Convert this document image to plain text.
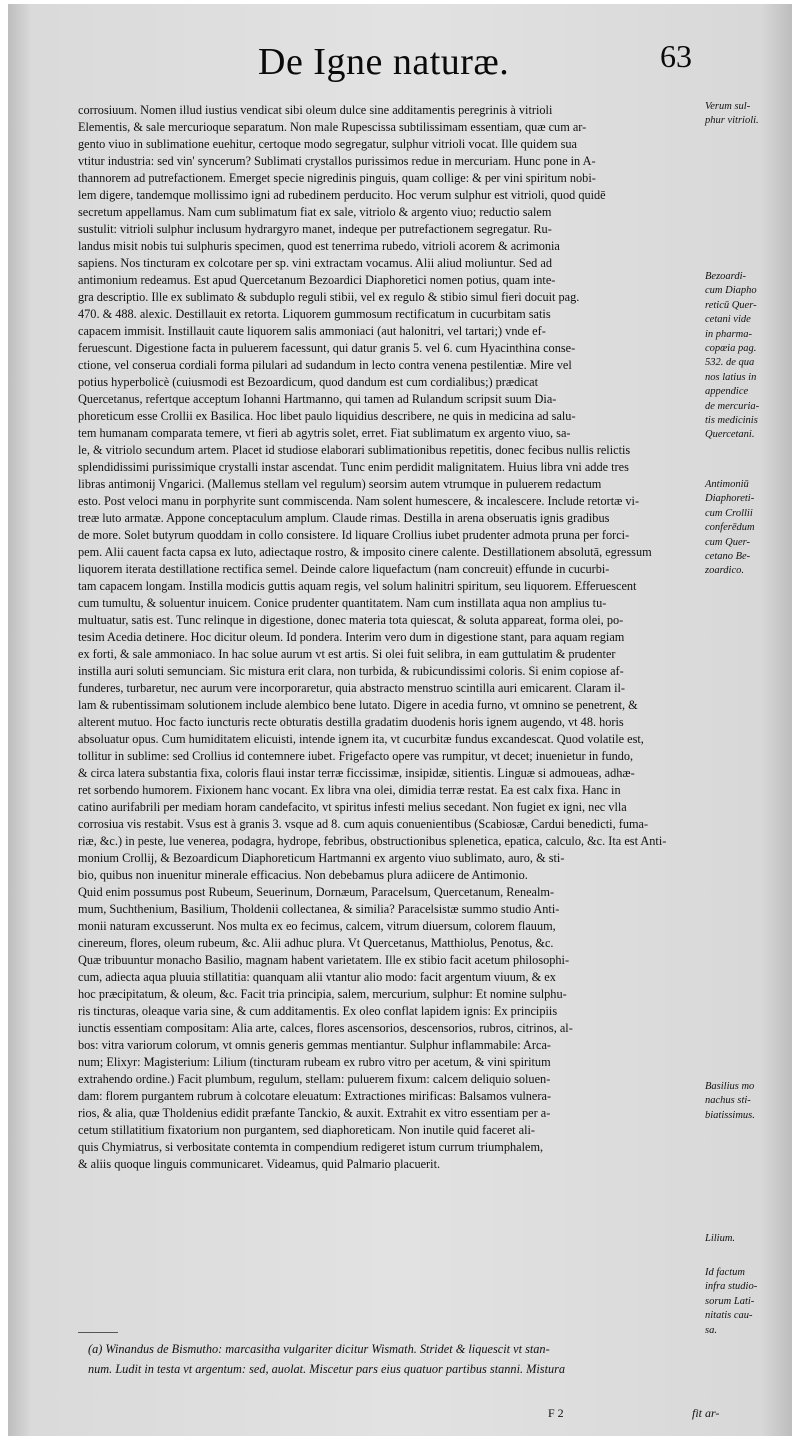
De Igne naturæ.	63
corrosiuum. Nomen illud iustius vendicat sibi oleum dulce sine additamentis peregrinis à vitrioli
Elementis, & sale mercurioque separatum. Non male Rupescissa subtilissimam essentiam, quæ cum ar-
gento viuo in sublimatione euehitur, certoque modo segregatur, sulphur vitrioli vocat. Ille quidem sua
vtitur industria: sed vin' syncerum? Sublimati crystallos purissimos redue in mercuriam. Hunc pone in A-
thannorem ad putrefactionem. Emerget specie nigredinis pinguis, quam collige: & per vini spiritum nobi-
lem digere, tandemque mollissimo igni ad rubedinem perducito. Hoc verum sulphur est vitrioli, quod quidē
secretum appellamus. Nam cum sublimatum fiat ex sale, vitriolo & argento viuo; reductio salem
sustulit: vitrioli sulphur inclusum hydrargyro manet, indeque per putrefactionem segregatur. Ru-
landus misit nobis tui sulphuris specimen, quod est tenerrima rubedo, vitrioli acorem & acrimonia
sapiens. Nos tincturam ex colcotare per sp. vini extractam vocamus. Alii aliud moliuntur. Sed ad
antimonium redeamus. Est apud Quercetanum Bezoardici Diaphoretici nomen potius, quam inte-
gra descriptio. Ille ex sublimato & subduplo reguli stibii, vel ex regulo & stibio simul fieri docuit pag.
470. & 488. alexic. Destillauit ex retorta. Liquorem gummosum rectificatum in cucurbitam satis
capacem immisit. Instillauit caute liquorem salis ammoniaci (aut halonitri, vel tartari;) vnde ef-
feruescunt. Digestione facta in puluerem facessunt, qui datur granis 5. vel 6. cum Hyacinthina conse-
ctione, vel conserua cordiali forma pilulari ad sudandum in lecto contra venena pestilentiæ. Mire vel
potius hyperbolicè (cuiusmodi est Bezoardicum, quod dandum est cum cordialibus;) prædicat
Quercetanus, refertque acceptum Iohanni Hartmanno, qui tamen ad Rulandum scripsit suum Dia-
phoreticum esse Crollii ex Basilica. Hoc libet paulo liquidius describere, ne quis in medicina ad salu-
tem humanam comparata temere, vt fieri ab agytris solet, erret. Fiat sublimatum ex argento viuo, sa-
le, & vitriolo secundum artem. Placet id studiose elaborari sublimationibus repetitis, donec fecibus nullis relictis
splendidissimi purissimique crystalli instar ascendat. Tunc enim perdidit malignitatem. Huius libra vni adde tres
libras antimonij Vngarici. (Mallemus stellam vel regulum) seorsim autem vtrumque in puluerem redactum
esto. Post veloci manu in porphyrite sunt commiscenda. Nam solent humescere, & incalescere. Include retortæ vi-
treæ luto armatæ. Appone conceptaculum amplum. Claude rimas. Destilla in arena obseruatis ignis gradibus
de more. Solet butyrum quoddam in collo consistere. Id liquare Crollius iubet prudenter admota pruna per forci-
pem. Alii cauent facta capsa ex luto, adiectaque rostro, & imposito cinere calente. Destillationem absolutā, egressum
liquorem iterata destillatione rectifica semel. Deinde calore liquefactum (nam concreuit) effunde in cucurbi-
tam capacem longam. Instilla modicis guttis aquam regis, vel solum halinitri spiritum, seu liquorem. Efferuescent
cum tumultu, & soluentur inuicem. Conice prudenter quantitatem. Nam cum instillata aqua non amplius tu-
multuatur, satis est. Tunc relinque in digestione, donec materia tota quiescat, & soluta appareat, forma olei, po-
tesim Acedia detinere. Hoc dicitur oleum. Id pondera. Interim vero dum in digestione stant, para aquam regiam
ex forti, & sale ammoniaco. In hac solue aurum vt est artis. Si olei fuit selibra, in eam guttulatim & prudenter
instilla auri soluti semunciam. Sic mistura erit clara, non turbida, & rubicundissimi coloris. Si enim copiose af-
funderes, turbaretur, nec aurum vere incorporaretur, quia abstracto menstruo scintilla auri emicarent. Claram il-
lam & rubentissimam solutionem include alembico bene lutato. Digere in acedia furno, vt omnino se penetrent, &
alterent mutuo. Hoc facto iuncturis recte obturatis destilla gradatim duodenis horis ignem augendo, vt 48. horis
absoluatur opus. Cum humiditatem elicuisti, intende ignem ita, vt cucurbitæ fundus excandescat. Quod volatile est,
tollitur in sublime: sed Crollius id contemnere iubet. Frigefacto opere vas rumpitur, vt decet; inuenietur in fundo,
& circa latera substantia fixa, coloris flaui instar terræ ficcissimæ, insipidæ, sitientis. Linguæ si admoueas, adhæ-
ret sorbendo humorem. Fixionem hanc vocant. Ex libra vna olei, dimidia terræ restat. Ea est calx fixa. Hanc in
catino aurifabrili per mediam horam candefacito, vt spiritus infesti melius secedant. Non fugiet ex igni, nec vlla
corrosiua vis restabit. Vsus est à granis 3. vsque ad 8. cum aquis conuenientibus (Scabiosæ, Cardui benedicti, fuma-
riæ, &c.) in peste, lue venerea, podagra, hydrope, febribus, obstructionibus splenetica, epatica, calculo, &c. Ita est Anti-
monium Crollij, & Bezoardicum Diaphoreticum Hartmanni ex argento viuo sublimato, auro, & sti-
bio, quibus non inuenitur minerale efficacius. Non debebamus plura adiicere de Antimonio.
Quid enim possumus post Rubeum, Seuerinum, Dornæum, Paracelsum, Quercetanum, Renealm-
mum, Suchthenium, Basilium, Tholdenii collectanea, & similia? Paracelsistæ summo studio Anti-
monii naturam excusserunt. Nos multa ex eo fecimus, calcem, vitrum diuersum, colorem flauum,
cinereum, flores, oleum rubeum, &c. Alii adhuc plura. Vt Quercetanus, Matthiolus, Penotus, &c.
Quæ tribuuntur monacho Basilio, magnam habent varietatem. Ille ex stibio facit acetum philosophi-
cum, adiecta aqua pluuia stillatitia: quanquam alii vtantur alio modo: facit argentum viuum, & ex
hoc præcipitatum, & oleum, &c. Facit tria principia, salem, mercurium, sulphur: Et nomine sulphu-
ris tincturas, oleaque varia sine, & cum additamentis. Ex oleo conflat lapidem ignis: Ex principiis
iunctis essentiam compositam: Alia arte, calces, flores ascensorios, descensorios, rubros, citrinos, al-
bos: vitra variorum colorum, vt omnis generis gemmas mentiantur. Sulphur inflammabile: Arca-
num; Elixyr: Magisterium: Lilium (tincturam rubeam ex rubro vitro per acetum, & vini spiritum
extrahendo ordine.) Facit plumbum, regulum, stellam: puluerem fixum: calcem deliquio soluen-
dam: florem purgantem rubrum à colcotare eleuatum: Extractiones mirificas: Balsamos vulnera-
rios, & alia, quæ Tholdenius edidit præfante Tanckio, & auxit. Extrahit ex vitro essentiam per a-
cetum stillatitium fixatorium non purgantem, sed diaphoreticam. Non inutile quid faceret ali-
quis Chymiatrus, si verbositate contemta in compendium redigeret istum currum triumphalem,
& aliis quoque linguis communicaret. Videamus, quid Palmario placuerit.
Verum sul-
phur vitrioli.
Bezoardi-
cum Diapho
reticū Quer-
cetani vide
in pharma-
copœia pag.
532. de qua
nos latius in
appendice
de mercuria-
tis medicinis
Quercetani.
Antimoniū
Diaphoreti-
cum Crollii
conferēdum
cum Quer-
cetano Be-
zoardico.
Basilius mo
nachus sti-
biatissimus.
Lilium.
Id factum
infra studio-
sorum Lati-
nitatis cau-
sa.
(a) Winandus de Bismutho: marcasitha vulgariter dicitur Wismath. Stridet & liquescit vt stan-
num. Ludit in testa vt argentum: sed, auolat. Miscetur pars eius quatuor partibus stanni. Mistura
F 2	fit ar-
